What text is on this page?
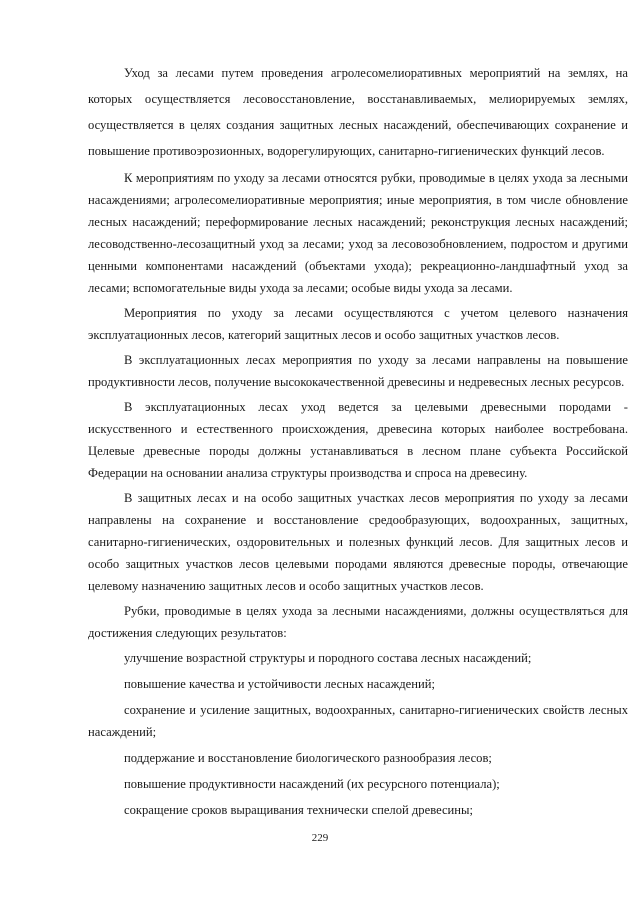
Уход за лесами путем проведения агролесомелиоративных мероприятий на землях, на которых осуществляется лесовосстановление, восстанавливаемых, мелиорируемых землях, осуществляется в целях создания защитных лесных насаждений, обеспечивающих сохранение и повышение противоэрозионных, водорегулирующих, санитарно-гигиенических функций лесов.

К мероприятиям по уходу за лесами относятся рубки, проводимые в целях ухода за лесными насаждениями; агролесомелиоративные мероприятия; иные мероприятия, в том числе обновление лесных насаждений; переформирование лесных насаждений; реконструкция лесных насаждений; лесоводственно-лесозащитный уход за лесами; уход за лесовозобновлением, подростом и другими ценными компонентами насаждений (объектами ухода); рекреационно-ландшафтный уход за лесами; вспомогательные виды ухода за лесами; особые виды ухода за лесами.

Мероприятия по уходу за лесами осуществляются с учетом целевого назначения эксплуатационных лесов, категорий защитных лесов и особо защитных участков лесов.

В эксплуатационных лесах мероприятия по уходу за лесами направлены на повышение продуктивности лесов, получение высококачественной древесины и недревесных лесных ресурсов.

В эксплуатационных лесах уход ведется за целевыми древесными породами - искусственного и естественного происхождения, древесина которых наиболее востребована. Целевые древесные породы должны устанавливаться в лесном плане субъекта Российской Федерации на основании анализа структуры производства и спроса на древесину.

В защитных лесах и на особо защитных участках лесов мероприятия по уходу за лесами направлены на сохранение и восстановление средообразующих, водоохранных, защитных, санитарно-гигиенических, оздоровительных и полезных функций лесов. Для защитных лесов и особо защитных участков лесов целевыми породами являются древесные породы, отвечающие целевому назначению защитных лесов и особо защитных участков лесов.

Рубки, проводимые в целях ухода за лесными насаждениями, должны осуществляться для достижения следующих результатов:

улучшение возрастной структуры и породного состава лесных насаждений;

повышение качества и устойчивости лесных насаждений;

сохранение и усиление защитных, водоохранных, санитарно-гигиенических свойств лесных насаждений;

поддержание и восстановление биологического разнообразия лесов;

повышение продуктивности насаждений (их ресурсного потенциала);

сокращение сроков выращивания технически спелой древесины;

229
